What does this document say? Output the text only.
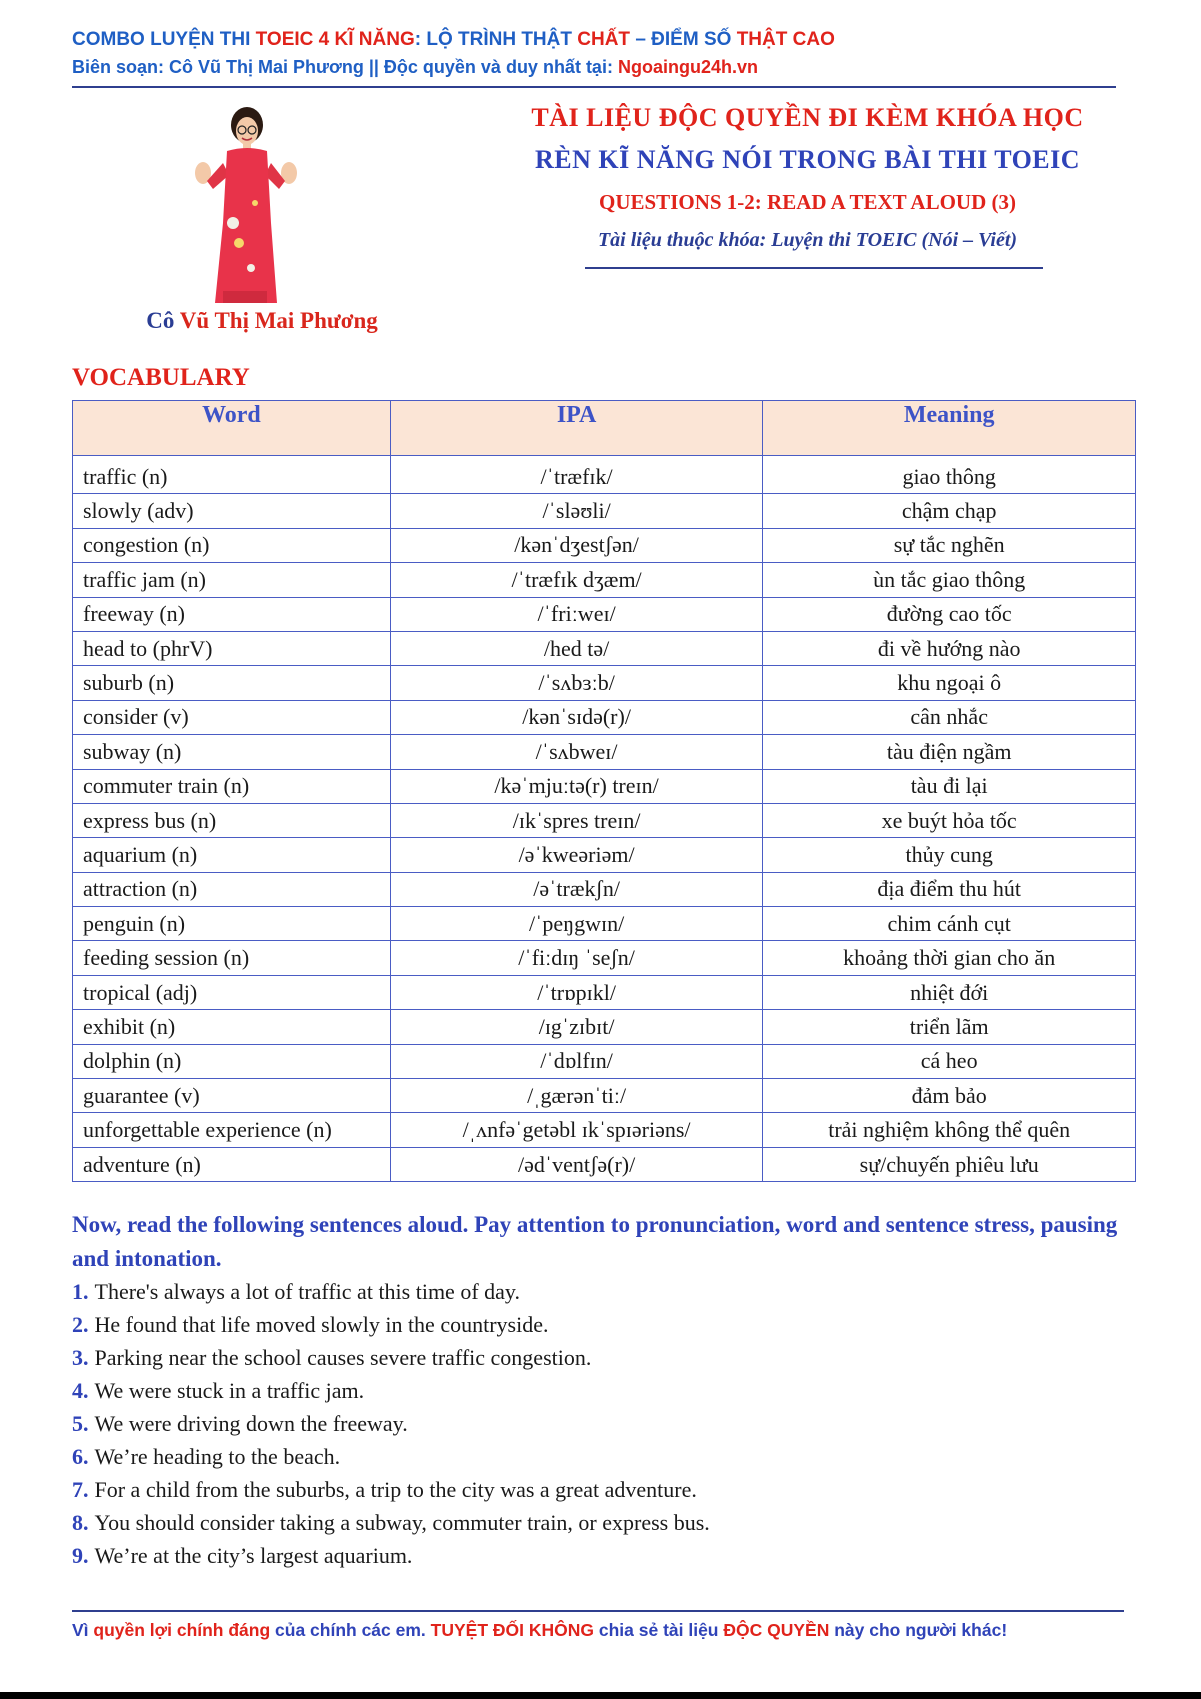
COMBO LUYỆN THI TOEIC 4 KĨ NĂNG: LỘ TRÌNH THẬT CHẤT – ĐIỂM SỐ THẬT CAO
Biên soạn: Cô Vũ Thị Mai Phương || Độc quyền và duy nhất tại: Ngoaingu24h.vn
Cô Vũ Thị Mai Phương
TÀI LIỆU ĐỘC QUYỀN ĐI KÈM KHÓA HỌC
RÈN KĨ NĂNG NÓI TRONG BÀI THI TOEIC
QUESTIONS 1-2: READ A TEXT ALOUD (3)
Tài liệu thuộc khóa: Luyện thi TOEIC (Nói – Viết)
VOCABULARY
Word	IPA	Meaning
traffic (n)	/ˈtræfɪk/	giao thông
slowly (adv)	/ˈsləʊli/	chậm chạp
congestion (n)	/kənˈdʒestʃən/	sự tắc nghẽn
traffic jam (n)	/ˈtræfɪk dʒæm/	ùn tắc giao thông
freeway (n)	/ˈfriːweɪ/	đường cao tốc
head to (phrV)	/hed tə/	đi về hướng nào
suburb (n)	/ˈsʌbɜːb/	khu ngoại ô
consider (v)	/kənˈsɪdə(r)/	cân nhắc
subway (n)	/ˈsʌbweɪ/	tàu điện ngầm
commuter train (n)	/kəˈmjuːtə(r) treɪn/	tàu đi lại
express bus (n)	/ɪkˈspres treɪn/	xe buýt hỏa tốc
aquarium (n)	/əˈkweəriəm/	thủy cung
attraction (n)	/əˈtrækʃn/	địa điểm thu hút
penguin (n)	/ˈpeŋgwɪn/	chim cánh cụt
feeding session (n)	/ˈfiːdɪŋ ˈseʃn/	khoảng thời gian cho ăn
tropical (adj)	/ˈtrɒpɪkl/	nhiệt đới
exhibit (n)	/ɪgˈzɪbɪt/	triển lãm
dolphin (n)	/ˈdɒlfɪn/	cá heo
guarantee (v)	/ˌgærənˈtiː/	đảm bảo
unforgettable experience (n)	/ˌʌnfəˈgetəbl ɪkˈspɪəriəns/	trải nghiệm không thể quên
adventure (n)	/ədˈventʃə(r)/	sự/chuyến phiêu lưu
Now, read the following sentences aloud. Pay attention to pronunciation, word and sentence stress, pausing and intonation.
1. There's always a lot of traffic at this time of day.
2. He found that life moved slowly in the countryside.
3. Parking near the school causes severe traffic congestion.
4. We were stuck in a traffic jam.
5. We were driving down the freeway.
6. We’re heading to the beach.
7. For a child from the suburbs, a trip to the city was a great adventure.
8. You should consider taking a subway, commuter train, or express bus.
9. We’re at the city’s largest aquarium.
Vì quyền lợi chính đáng của chính các em. TUYỆT ĐỐI KHÔNG chia sẻ tài liệu ĐỘC QUYỀN này cho người khác!
